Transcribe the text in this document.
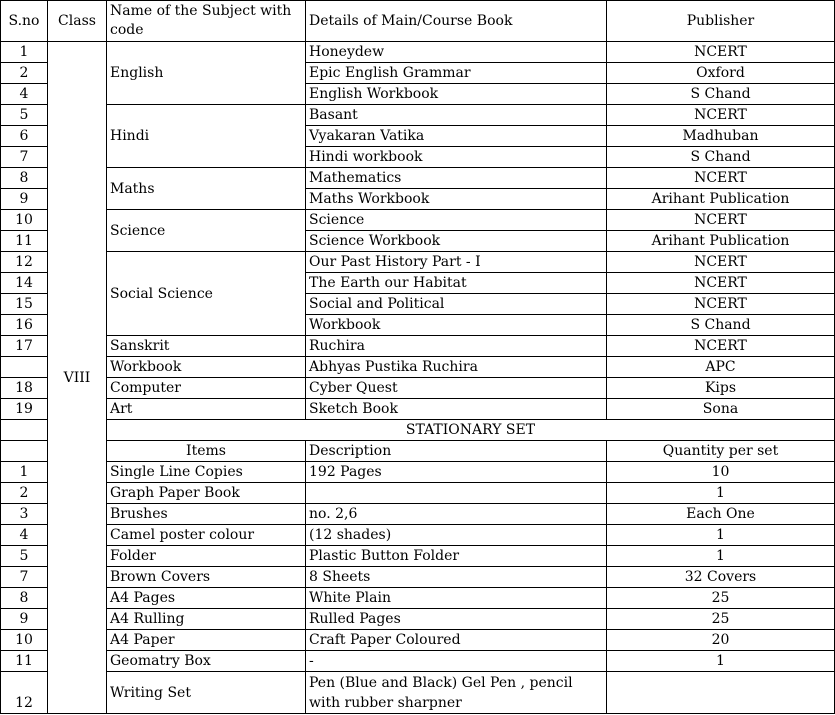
S.no	Class	Name of the Subject with code	Details of Main/Course Book	Publisher
1	VIII	English	Honeydew	NCERT
2			Epic English Grammar	Oxford
4			English Workbook	S Chand
5		Hindi	Basant	NCERT
6			Vyakaran Vatika	Madhuban
7			Hindi workbook	S Chand
8		Maths	Mathematics	NCERT
9			Maths Workbook	Arihant Publication
10		Science	Science	NCERT
11			Science Workbook	Arihant Publication
12		Social Science	Our Past History Part - I	NCERT
14			The Earth our Habitat	NCERT
15			Social and Political	NCERT
16			Workbook	S Chand
17		Sanskrit	Ruchira	NCERT
		Workbook	Abhyas Pustika Ruchira	APC
18		Computer	Cyber Quest	Kips
19		Art	Sketch Book	Sona
		STATIONARY SET		
		Items	Description	Quantity per set
1		Single Line Copies	192 Pages	10
2		Graph Paper Book		1
3		Brushes	no. 2,6	Each One
4		Camel poster colour	(12 shades)	1
5		Folder	Plastic Button Folder	1
7		Brown Covers	8 Sheets	32 Covers
8		A4 Pages	White Plain	25
9		A4 Rulling	Rulled Pages	25
10		A4 Paper	Craft Paper Coloured	20
11		Geomatry Box	-	1
12		Writing Set	Pen (Blue and Black) Gel Pen , pencil with rubber sharpner	
